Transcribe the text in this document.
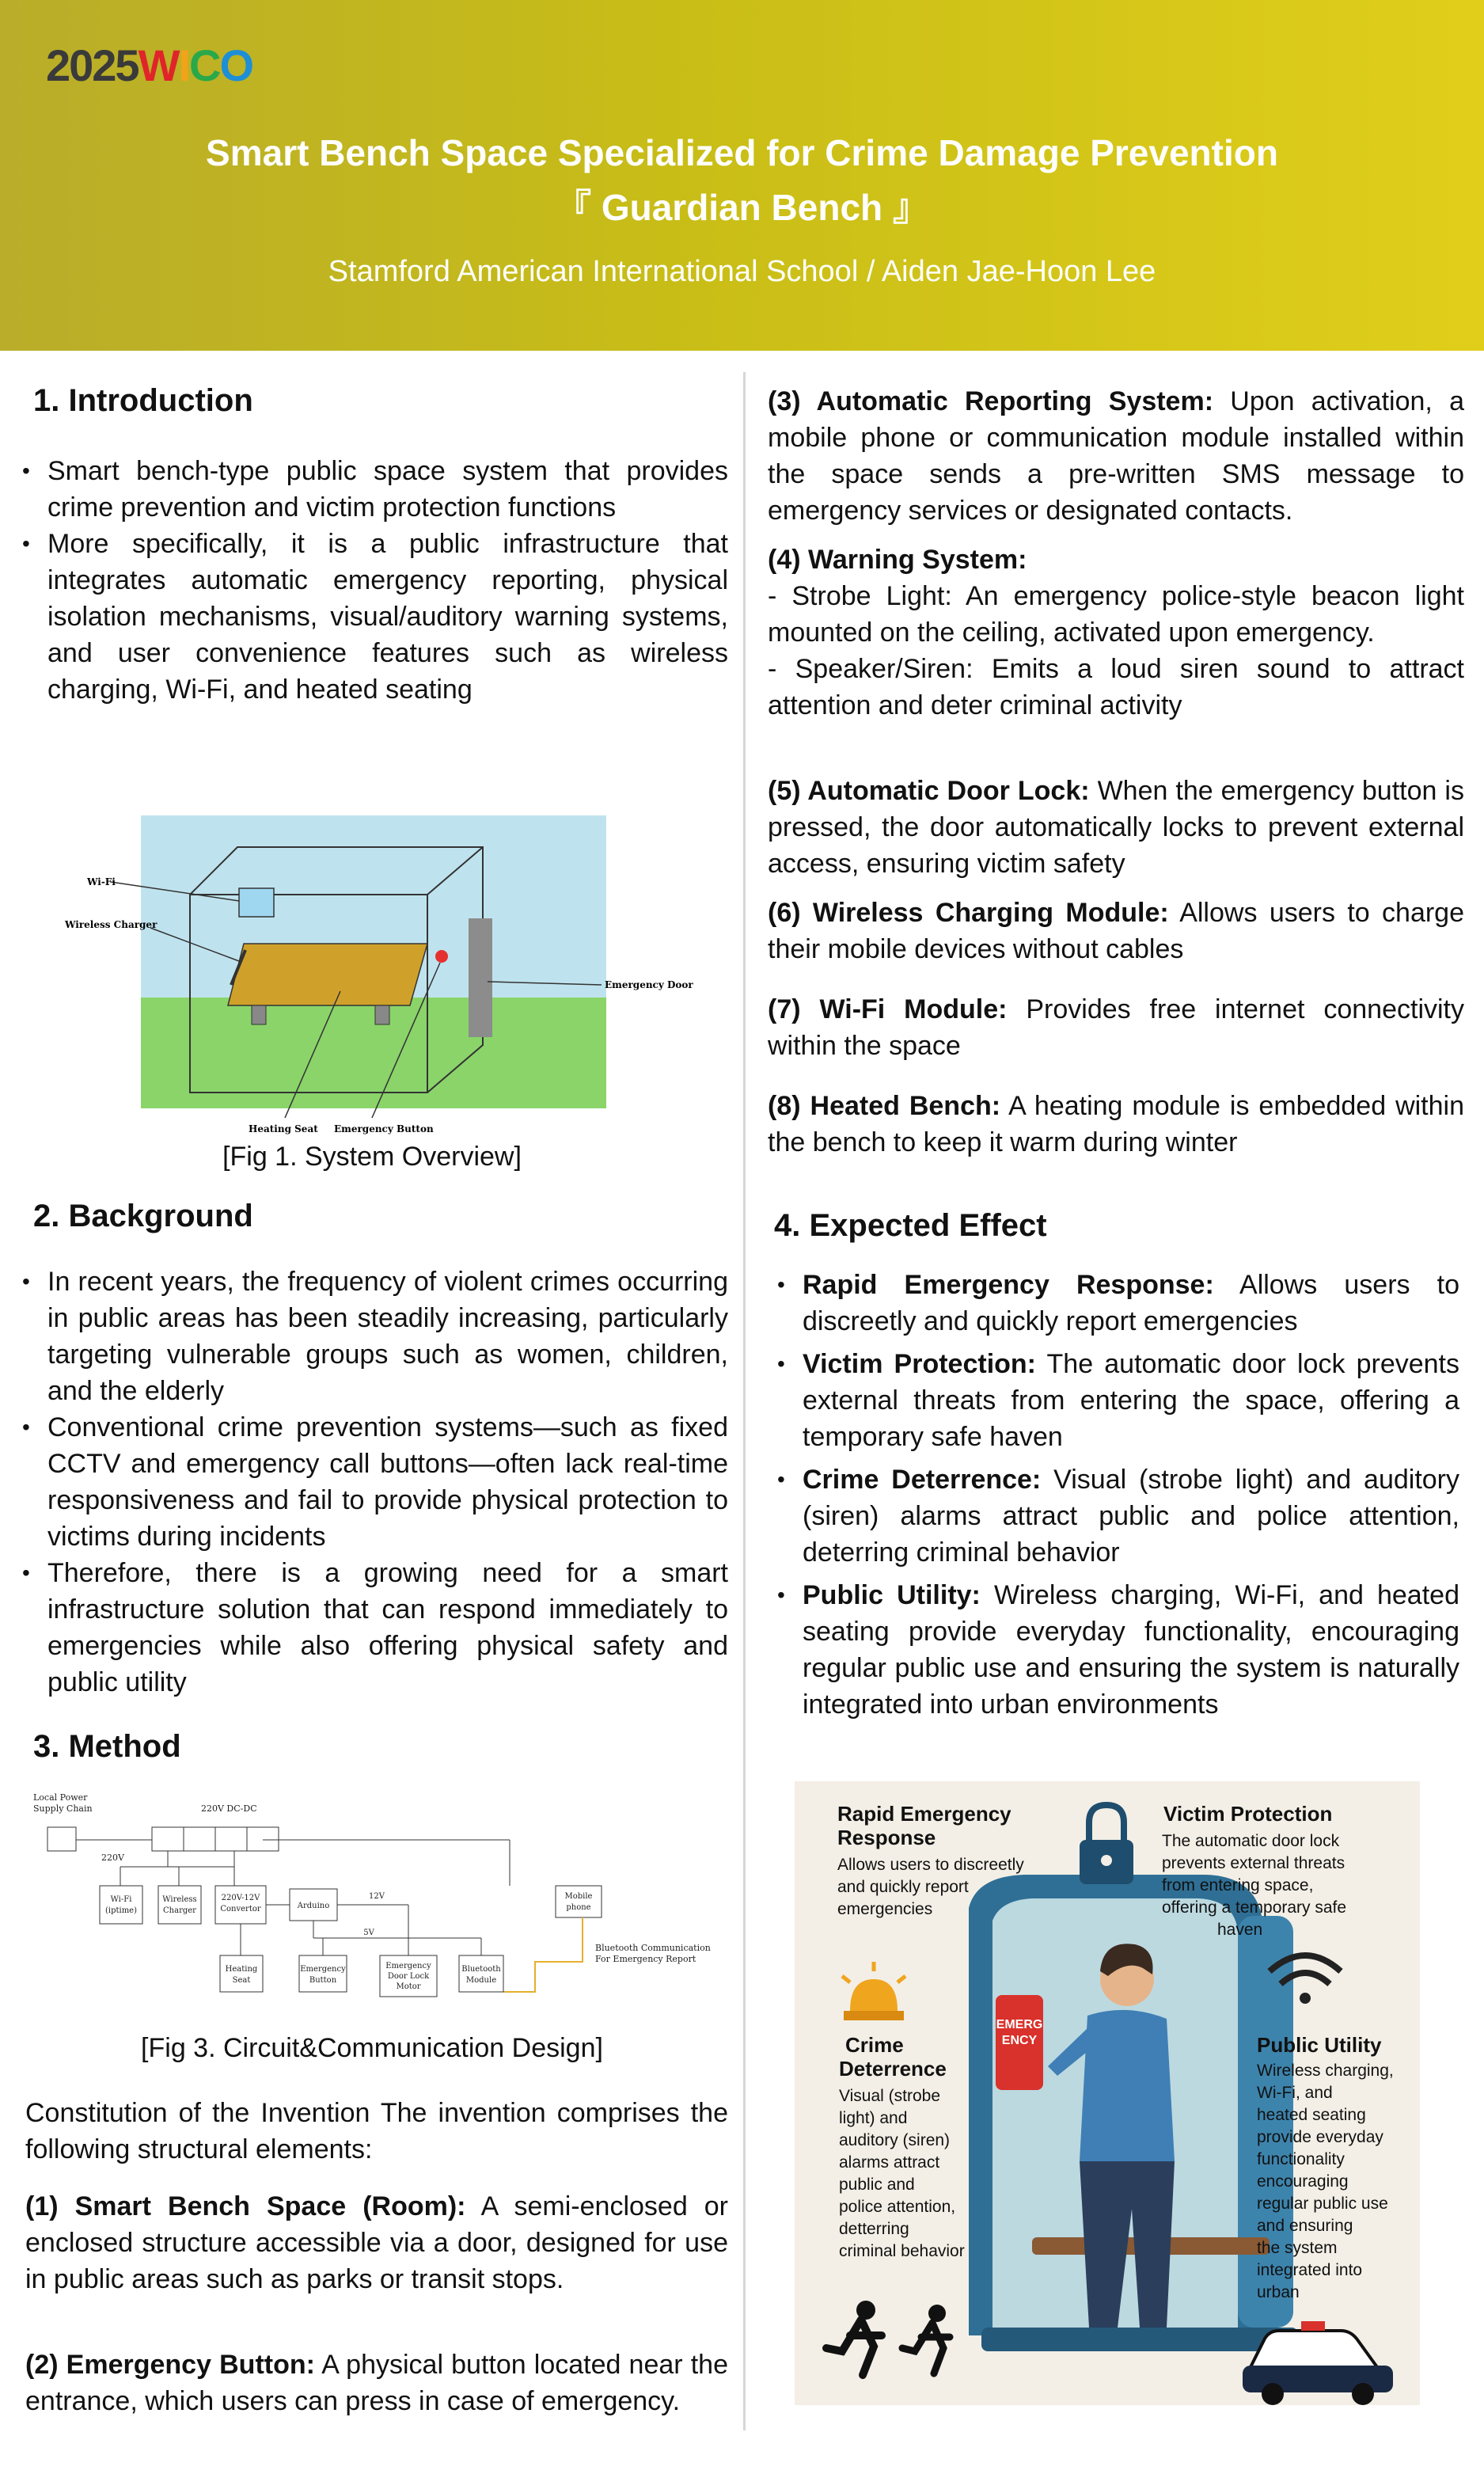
2025WICO
Smart Bench Space Specialized for Crime Damage Prevention
『 Guardian Bench 』
Stamford American International School / Aiden Jae-Hoon Lee
1. Introduction
• Smart bench-type public space system that provides crime prevention and victim protection functions
• More specifically, it is a public infrastructure that integrates automatic emergency reporting, physical isolation mechanisms, visual/auditory warning systems, and user convenience features such as wireless charging, Wi-Fi, and heated seating
Wi-Fi
Wireless Charger
Emergency Door
Heating Seat Emergency Button
[Fig 1. System Overview]
2. Background
• In recent years, the frequency of violent crimes occurring in public areas has been steadily increasing, particularly targeting vulnerable groups such as women, children, and the elderly
• Conventional crime prevention systems—such as fixed CCTV and emergency call buttons—often lack real-time responsiveness and fail to provide physical protection to victims during incidents
• Therefore, there is a growing need for a smart infrastructure solution that can respond immediately to emergencies while also offering physical safety and public utility
3. Method
Local Power
Supply Chain	220V DC-DC
220V
Wi-Fi
(iptime)
Wireless
Charger
220V-12V
Convertor	Arduino
12V
5V
Mobile
phone
Heating
Seat
Emergency
Button
Emergency
Door Lock
Motor
Bluetooth
Module
Bluetooth Communication
For Emergency Report
[Fig 3. Circuit&Communication Design]
Constitution of the Invention The invention comprises the following structural elements:
(1) Smart Bench Space (Room): A semi-enclosed or enclosed structure accessible via a door, designed for use in public areas such as parks or transit stops.
(2) Emergency Button: A physical button located near the entrance, which users can press in case of emergency.
(3) Automatic Reporting System: Upon activation, a mobile phone or communication module installed within the space sends a pre-written SMS message to emergency services or designated contacts.
(4) Warning System:
- Strobe Light: An emergency police-style beacon light mounted on the ceiling, activated upon emergency.
- Speaker/Siren: Emits a loud siren sound to attract attention and deter criminal activity
(5) Automatic Door Lock: When the emergency button is pressed, the door automatically locks to prevent external access, ensuring victim safety
(6) Wireless Charging Module: Allows users to charge their mobile devices without cables
(7) Wi-Fi Module: Provides free internet connectivity within the space
(8) Heated Bench: A heating module is embedded within the bench to keep it warm during winter
4. Expected Effect
• Rapid Emergency Response: Allows users to discreetly and quickly report emergencies
• Victim Protection: The automatic door lock prevents external threats from entering the space, offering a temporary safe haven
• Crime Deterrence: Visual (strobe light) and auditory (siren) alarms attract public and police attention, deterring criminal behavior
• Public Utility: Wireless charging, Wi-Fi, and heated seating provide everyday functionality, encouraging regular public use and ensuring the system is naturally integrated into urban environments
EMERG
ENCY
Rapid Emergency
Response
Allows users to discreetly
and quickly report
emergencies
Victim Protection
The automatic door lock
prevents external threats
from entering space,
offering a temporary safe
haven
Crime
Deterrence
Visual (strobe
light) and
auditory (siren)
alarms attract
public and
police attention,
detterring
criminal behavior
Public Utility
Wireless charging,
Wi-Fi, and
heated seating
provide everyday
functionality
encouraging
regular public use
and ensuring
the system
integrated into
urban
